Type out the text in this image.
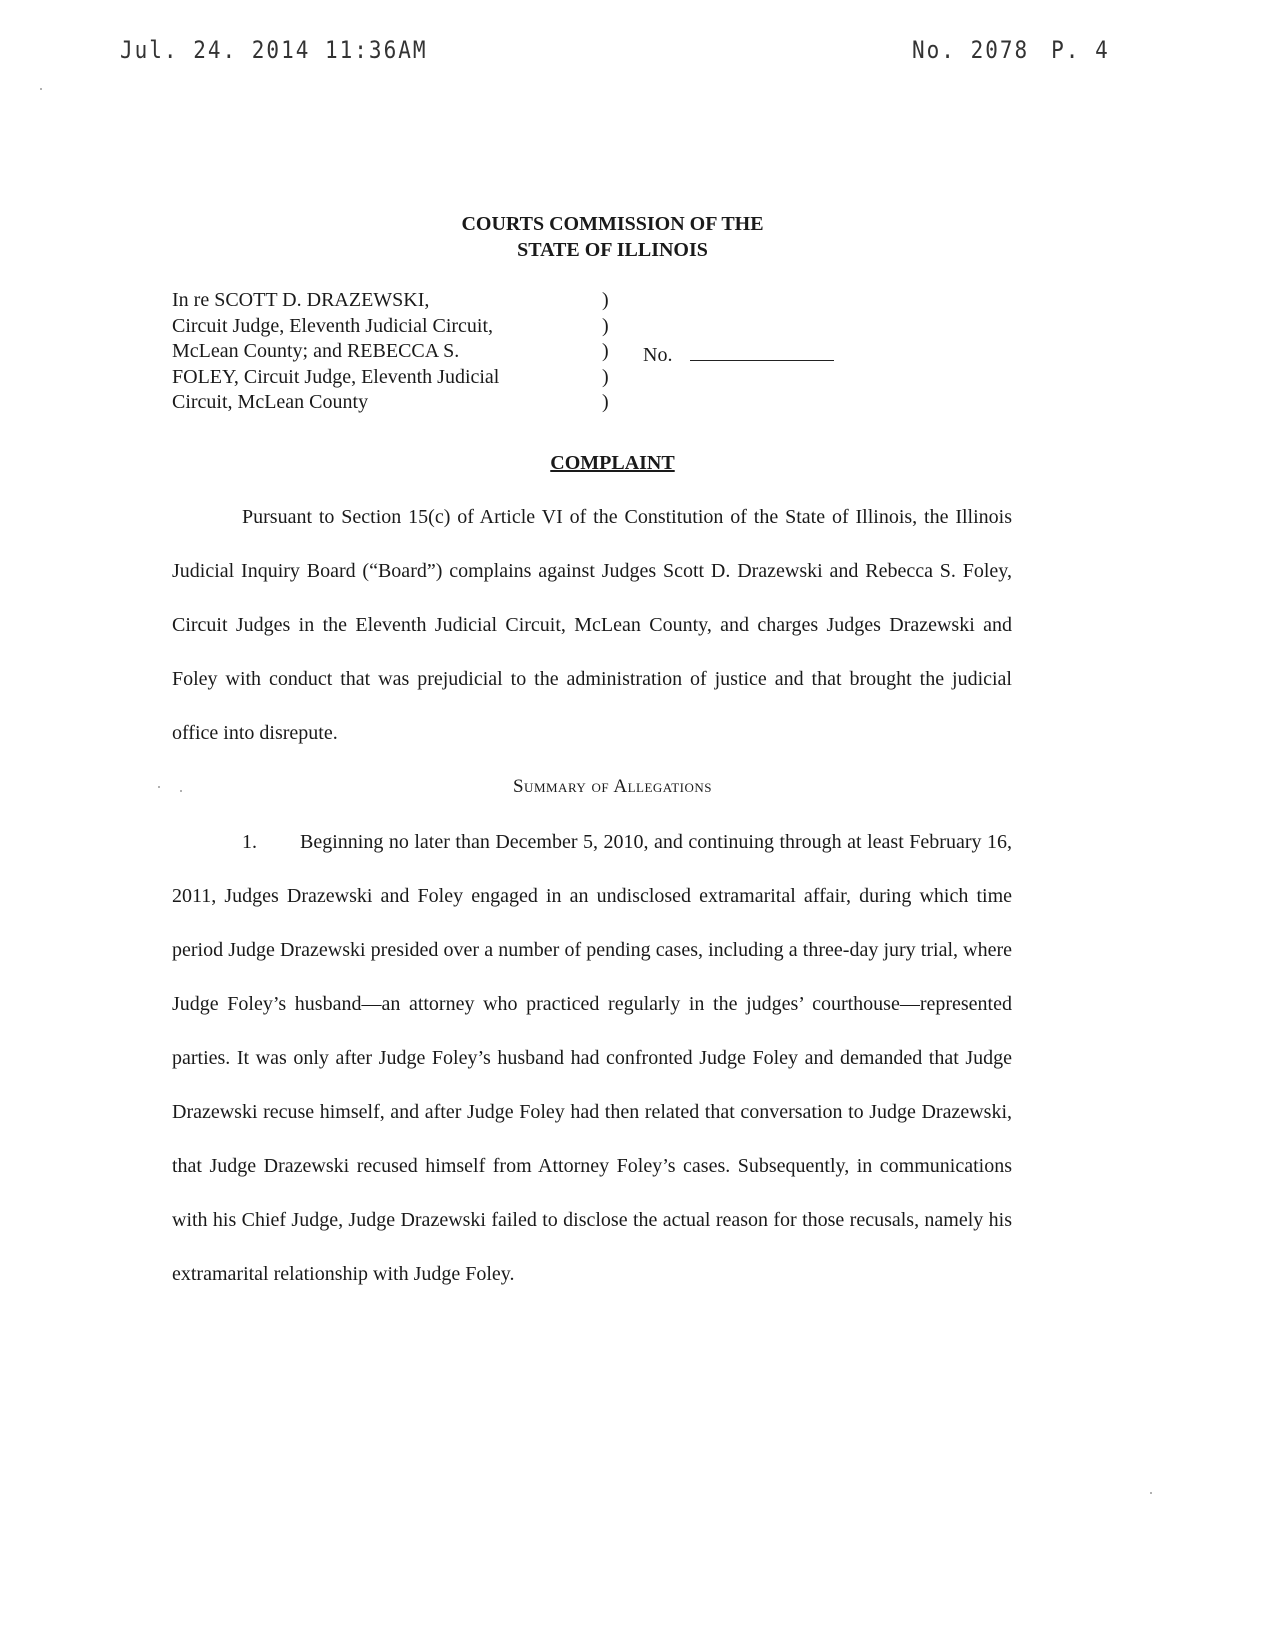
Jul. 24. 2014 11:36AM	No. 2078 P. 4
COURTS COMMISSION OF THE
STATE OF ILLINOIS
In re SCOTT D. DRAZEWSKI,
Circuit Judge, Eleventh Judicial Circuit,
McLean County; and REBECCA S.
FOLEY, Circuit Judge, Eleventh Judicial
Circuit, McLean County
)
)
)
)
)
No.
COMPLAINT
Pursuant to Section 15(c) of Article VI of the Constitution of the State of Illinois, the Illinois Judicial Inquiry Board (“Board”) complains against Judges Scott D. Drazewski and Rebecca S. Foley, Circuit Judges in the Eleventh Judicial Circuit, McLean County, and charges Judges Drazewski and Foley with conduct that was prejudicial to the administration of justice and that brought the judicial office into disrepute.
Summary of Allegations
1. Beginning no later than December 5, 2010, and continuing through at least February 16, 2011, Judges Drazewski and Foley engaged in an undisclosed extramarital affair, during which time period Judge Drazewski presided over a number of pending cases, including a three-day jury trial, where Judge Foley’s husband—an attorney who practiced regularly in the judges’ courthouse—represented parties. It was only after Judge Foley’s husband had confronted Judge Foley and demanded that Judge Drazewski recuse himself, and after Judge Foley had then related that conversation to Judge Drazewski, that Judge Drazewski recused himself from Attorney Foley’s cases. Subsequently, in communications with his Chief Judge, Judge Drazewski failed to disclose the actual reason for those recusals, namely his extramarital relationship with Judge Foley.
